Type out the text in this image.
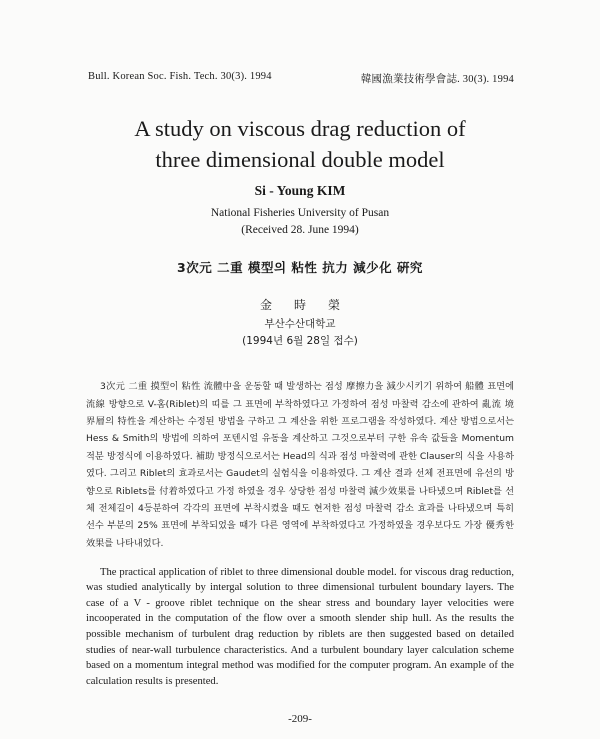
Bull. Korean Soc. Fish. Tech. 30(3). 1994	韓國漁業技術學會誌. 30(3). 1994
A study on viscous drag reduction of
three dimensional double model
Si - Young KIM
National Fisheries University of Pusan
(Received 28. June 1994)
3次元 二重 模型의 粘性 抗力 減少化 硏究
金時榮
부산수산대학교
(1994년 6월 28일 접수)

3次元 二重 摸型이 粘性 流體中을 운동할 때 발생하는 점성 摩擦力을 減少시키기 위하여 船體 표면에 流線 방향으로 V-홈(Riblet)의 띠를 그 표면에 부착하였다고 가정하여 점성 마찰력 감소에 관하여 亂流 境界層의 特性을 계산하는 수정된 방법을 구하고 그 계산을 위한 프로그램을 작성하였다. 계산 방법으로서는 Hess & Smith의 방법에 의하여 포텐시얼 유동을 계산하고 그것으로부터 구한 유속 값들을 Momentum 적분 방정식에 이용하였다. 補助 방정식으로서는 Head의 식과 점성 마찰력에 관한 Clauser의 식을 사용하였다. 그리고 Riblet의 효과로서는 Gaudet의 실험식을 이용하였다. 그 계산 결과 선체 전표면에 유선의 방향으로 Riblets를 付着하였다고 가정 하였을 경우 상당한 점성 마찰력 減少效果를 나타냈으며 Riblet를 선체 전체길이 4등분하여 각각의 표면에 부착시켰을 때도 현저한 점성 마찰력 감소 효과를 나타냈으며 특히 선수 부분의 25% 표면에 부착되었을 때가 다른 영역에 부착하였다고 가정하였을 경우보다도 가장 優秀한 效果를 나타내었다.

The practical application of riblet to three dimensional double model. for viscous drag reduction, was studied analytically by intergal solution to three dimensional turbulent boundary layers. The case of a V - groove riblet technique on the shear stress and boundary layer velocities were incooperated in the computation of the flow over a smooth slender ship hull. As the results the possible mechanism of turbulent drag reduction by riblets are then suggested based on detailed studies of near-wall turbulence characteristics. And a turbulent boundary layer calculation scheme based on a momentum integral method was modified for the computer program. An example of the calculation results is presented.

-209-
